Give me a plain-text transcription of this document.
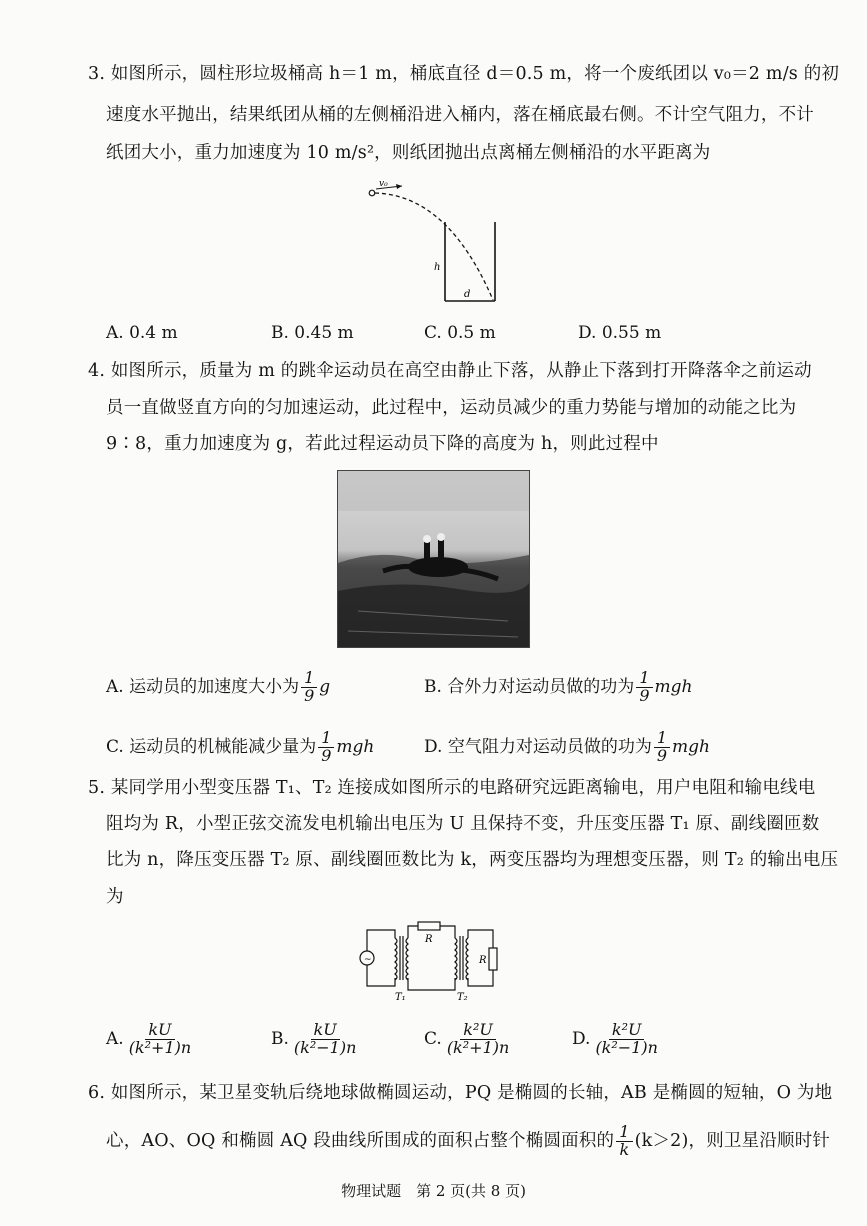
3. 如图所示，圆柱形垃圾桶高 h＝1 m，桶底直径 d＝0.5 m，将一个废纸团以 v₀＝2 m/s 的初
速度水平抛出，结果纸团从桶的左侧桶沿进入桶内，落在桶底最右侧。不计空气阻力，不计
纸团大小，重力加速度为 10 m/s²，则纸团抛出点离桶左侧桶沿的水平距离为
v₀
h
d
A. 0.4 m	B. 0.45 m	C. 0.5 m	D. 0.55 m
4. 如图所示，质量为 m 的跳伞运动员在高空由静止下落，从静止下落到打开降落伞之前运动
员一直做竖直方向的匀加速运动，此过程中，运动员减少的重力势能与增加的动能之比为
9∶8，重力加速度为 g，若此过程运动员下降的高度为 h，则此过程中
A. 运动员的加速度大小为 $\frac{1}{9}$ g	B. 合外力对运动员做的功为 $\frac{1}{9}$ mgh
C. 运动员的机械能减少量为 $\frac{1}{9}$ mgh	D. 空气阻力对运动员做的功为 $\frac{1}{9}$ mgh
5. 某同学用小型变压器 T₁、T₂ 连接成如图所示的电路研究远距离输电，用户电阻和输电线电
阻均为 R，小型正弦交流发电机输出电压为 U 且保持不变，升压变压器 T₁ 原、副线圈匝数
比为 n，降压变压器 T₂ 原、副线圈匝数比为 k，两变压器均为理想变压器，则 T₂ 的输出电压
为
~
R
R
T₁	T₂
A. $\frac{kU}{\text{(k²+1)n}}$	B. $\frac{kU}{\text{(k²−1)n}}$	C. $\frac{\text{k²U}}{\text{(k²+1)n}}$	D. $\frac{\text{k²U}}{\text{(k²−1)n}}$
6. 如图所示，某卫星变轨后绕地球做椭圆运动，PQ 是椭圆的长轴，AB 是椭圆的短轴，O 为地
心，AO、OQ 和椭圆 AQ 段曲线所围成的面积占整个椭圆面积的 $\frac{1}{k} (k>2)$，则卫星沿顺时针
物理试题　第 2 页(共 8 页)
